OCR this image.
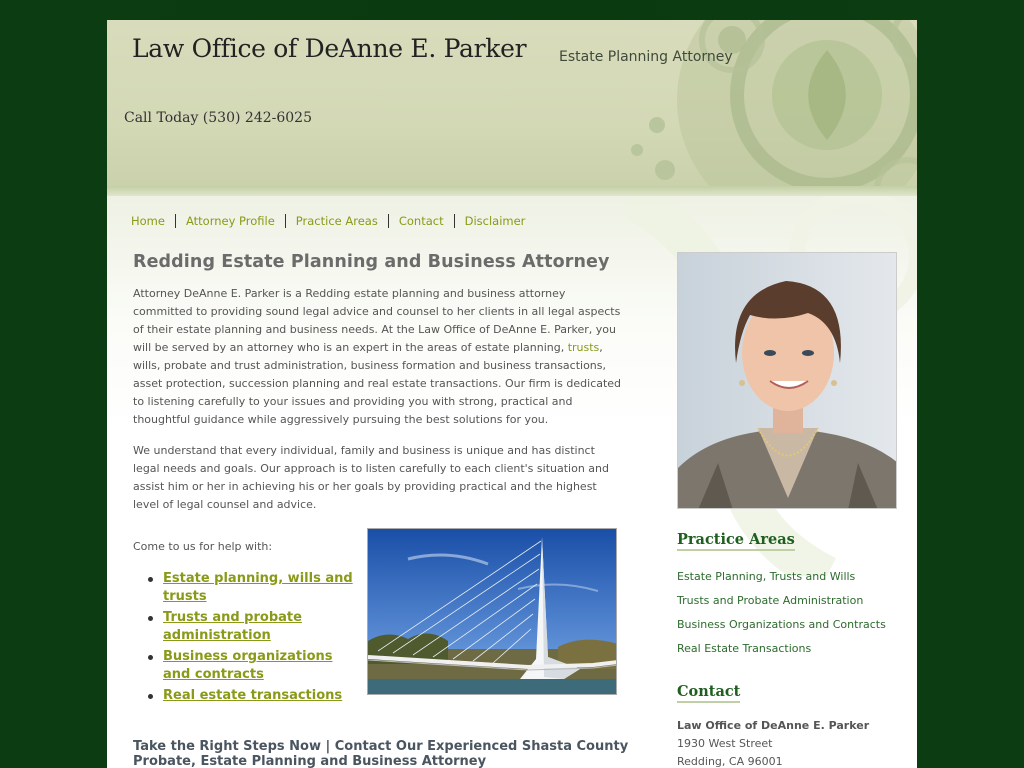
Law Office of DeAnne E. Parker Estate Planning Attorney
Call Today (530) 242-6025
Home	Attorney Profile	Practice Areas	Contact	Disclaimer
Redding Estate Planning and Business Attorney

Attorney DeAnne E. Parker is a Redding estate planning and business attorney committed to providing sound legal advice and counsel to her clients in all legal aspects of their estate planning and business needs. At the Law Office of DeAnne E. Parker, you will be served by an attorney who is an expert in the areas of estate planning, trusts, wills, probate and trust administration, business formation and business transactions, asset protection, succession planning and real estate transactions. Our firm is dedicated to listening carefully to your issues and providing you with strong, practical and thoughtful guidance while aggressively pursuing the best solutions for you.

We understand that every individual, family and business is unique and has distinct legal needs and goals. Our approach is to listen carefully to each client's situation and assist him or her in achieving his or her goals by providing practical and the highest level of legal counsel and advice.

Come to us for help with:
Estate planning, wills and trusts
Trusts and probate administration
Business organizations and contracts
Real estate transactions
Take the Right Steps Now | Contact Our Experienced Shasta County Probate, Estate Planning and Business Attorney
Practice Areas
Estate Planning, Trusts and Wills
Trusts and Probate Administration
Business Organizations and Contracts
Real Estate Transactions
Contact
Law Office of DeAnne E. Parker
1930 West Street
Redding, CA 96001
